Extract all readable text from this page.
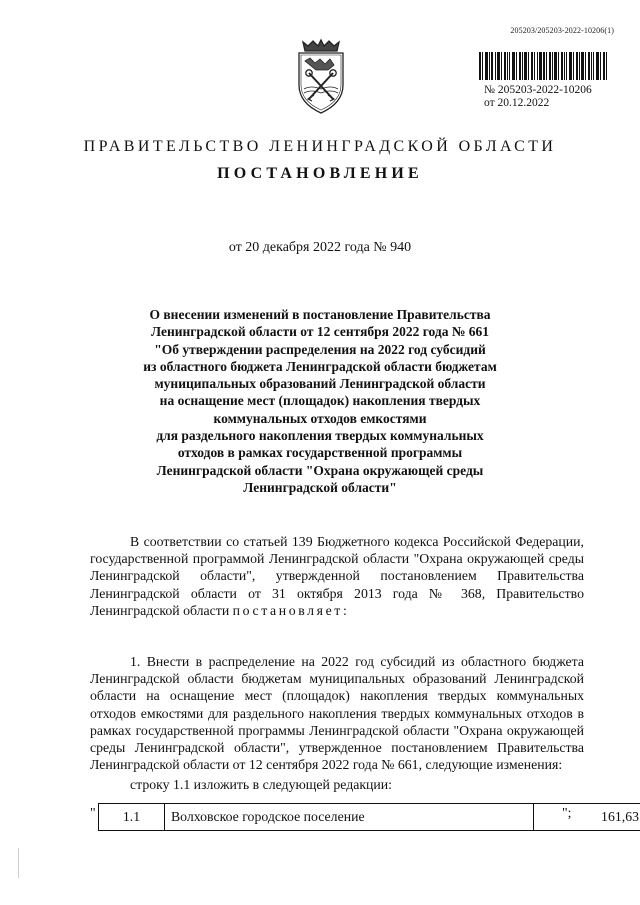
205203/205203-2022-10206(1)
№ 205203-2022-10206
от 20.12.2022
ПРАВИТЕЛЬСТВО ЛЕНИНГРАДСКОЙ ОБЛАСТИ
ПОСТАНОВЛЕНИЕ
от 20 декабря 2022 года № 940
О внесении изменений в постановление Правительства
Ленинградской области от 12 сентября 2022 года № 661
"Об утверждении распределения на 2022 год субсидий
из областного бюджета Ленинградской области бюджетам
муниципальных образований Ленинградской области
на оснащение мест (площадок) накопления твердых
коммунальных отходов емкостями
для раздельного накопления твердых коммунальных
отходов в рамках государственной программы
Ленинградской области "Охрана окружающей среды
Ленинградской области"
В соответствии со статьей 139 Бюджетного кодекса Российской Федерации, государственной программой Ленинградской области "Охрана окружающей среды Ленинградской области", утвержденной постановлением Правительства Ленинградской области от 31 октября 2013 года № 368, Правительство Ленинградской области постановляет:
1. Внести в распределение на 2022 год субсидий из областного бюджета Ленинградской области бюджетам муниципальных образований Ленинградской области на оснащение мест (площадок) накопления твердых коммунальных отходов емкостями для раздельного накопления твердых коммунальных отходов в рамках государственной программы Ленинградской области "Охрана окружающей среды Ленинградской области", утвержденное постановлением Правительства Ленинградской области от 12 сентября 2022 года № 661, следующие изменения:
строку 1.1 изложить в следующей редакции:
" 1.1	Волховское городское поселение	161,63
";
